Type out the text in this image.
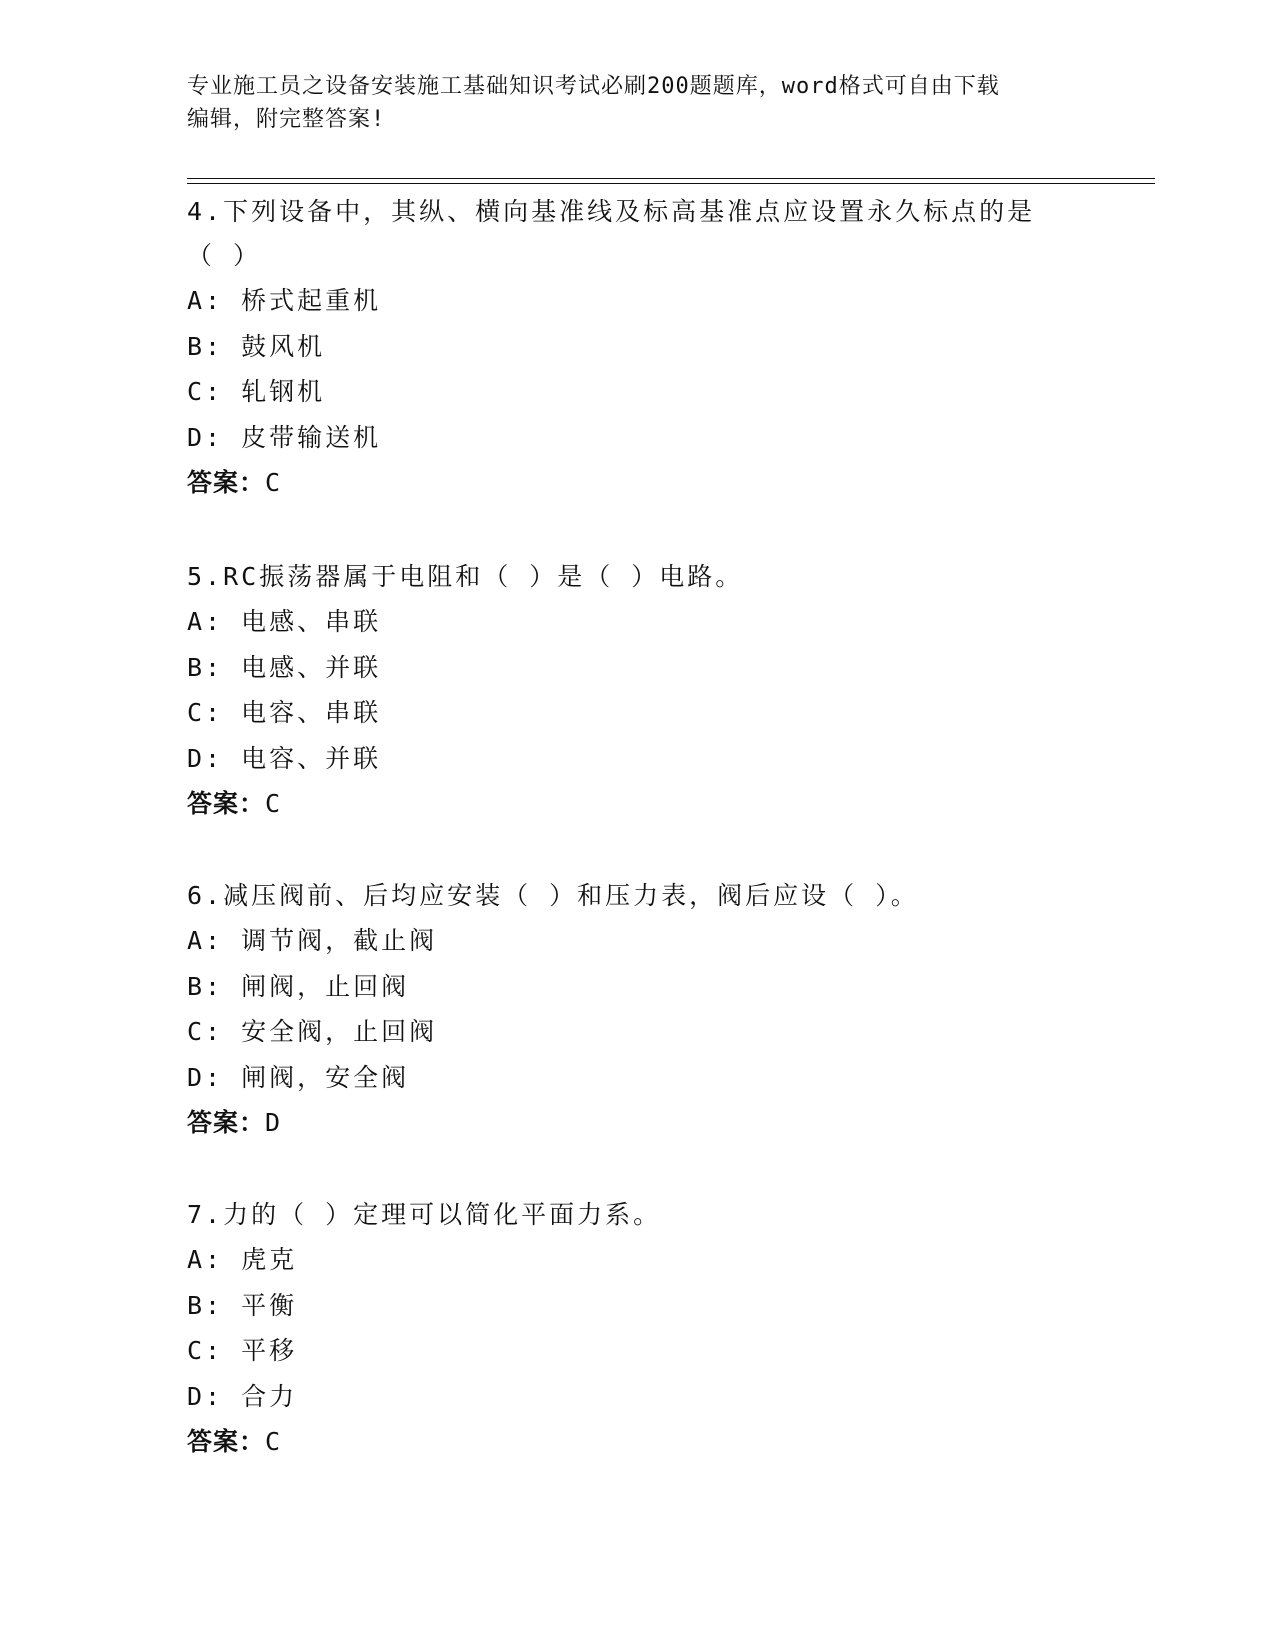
专业施工员之设备安装施工基础知识考试必刷200题题库，word格式可自由下载
编辑，附完整答案!

4.下列设备中，其纵、横向基准线及标高基准点应设置永久标点的是

（ ）

A: 桥式起重机

B: 鼓风机

C: 轧钢机

D: 皮带输送机

答案：C

5.RC振荡器属于电阻和（ ）是（ ）电路。

A: 电感、串联

B: 电感、并联

C: 电容、串联

D: 电容、并联

答案：C

6.减压阀前、后均应安装（ ）和压力表，阀后应设（ ）。

A: 调节阀，截止阀

B: 闸阀，止回阀

C: 安全阀，止回阀

D: 闸阀，安全阀

答案：D

7.力的（ ）定理可以简化平面力系。

A: 虎克

B: 平衡

C: 平移

D: 合力

答案：C
